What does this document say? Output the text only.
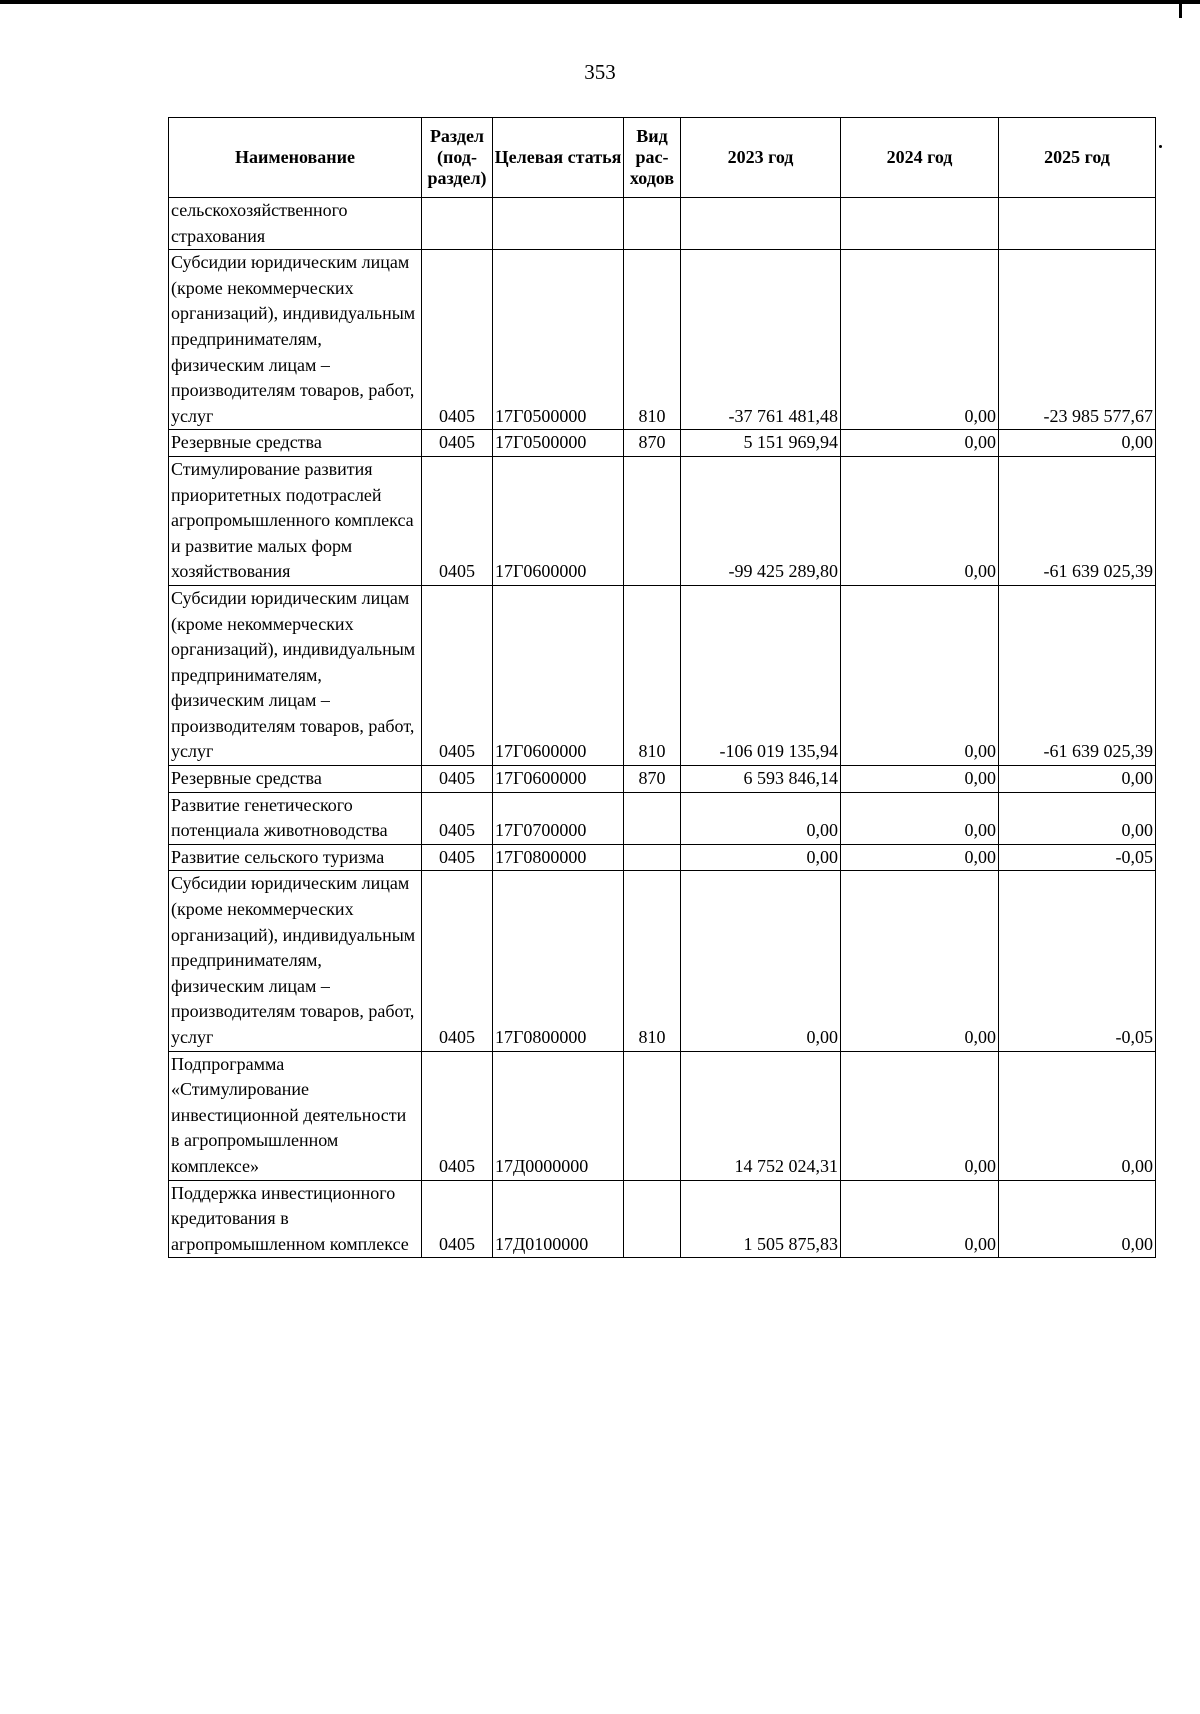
353
Наименование	Раздел (под-раздел)	Целевая статья	Вид рас-ходов	2023 год	2024 год	2025 год
сельскохозяйственного страхования						
Субсидии юридическим лицам (кроме некоммерческих организаций), индивидуальным предпринимателям, физическим лицам – производителям товаров, работ, услуг	0405	17Г0500000	810	-37 761 481,48	0,00	-23 985 577,67
Резервные средства	0405	17Г0500000	870	5 151 969,94	0,00	0,00
Стимулирование развития приоритетных подотраслей агропромышленного комплекса и развитие малых форм хозяйствования	0405	17Г0600000		-99 425 289,80	0,00	-61 639 025,39
Субсидии юридическим лицам (кроме некоммерческих организаций), индивидуальным предпринимателям, физическим лицам – производителям товаров, работ, услуг	0405	17Г0600000	810	-106 019 135,94	0,00	-61 639 025,39
Резервные средства	0405	17Г0600000	870	6 593 846,14	0,00	0,00
Развитие генетического потенциала животноводства	0405	17Г0700000		0,00	0,00	0,00
Развитие сельского туризма	0405	17Г0800000		0,00	0,00	-0,05
Субсидии юридическим лицам (кроме некоммерческих организаций), индивидуальным предпринимателям, физическим лицам – производителям товаров, работ, услуг	0405	17Г0800000	810	0,00	0,00	-0,05
Подпрограмма «Стимулирование инвестиционной деятельности в агропромышленном комплексе»	0405	17Д0000000		14 752 024,31	0,00	0,00
Поддержка инвестиционного кредитования в агропромышленном комплексе	0405	17Д0100000		1 505 875,83	0,00	0,00
